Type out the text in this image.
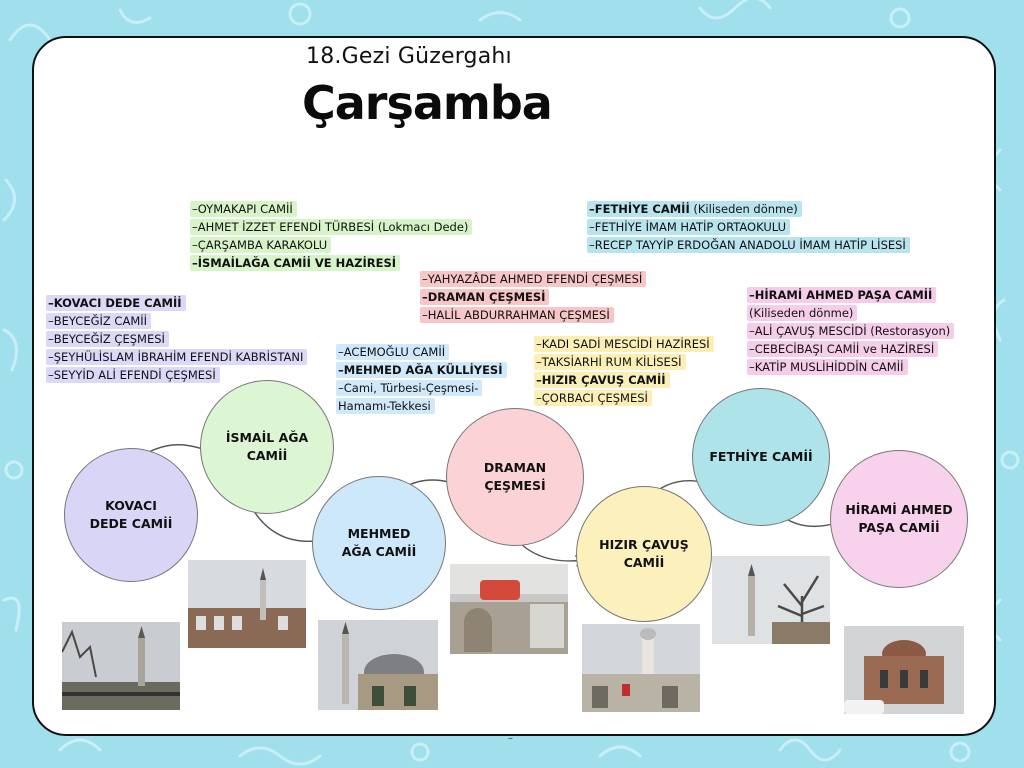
18.Gezi Güzergahı
Çarşamba
–OYMAKAPI CAMİİ
–AHMET İZZET EFENDİ TÜRBESİ (Lokmacı Dede)
–ÇARŞAMBA KARAKOLU
–İSMAİLAĞA CAMİİ VE HAZİRESİ
–FETHİYE CAMİİ (Kiliseden dönme)
–FETHİYE İMAM HATİP ORTAOKULU
–RECEP TAYYİP ERDOĞAN ANADOLU İMAM HATİP LİSESİ
–YAHYAZÂDE AHMED EFENDİ ÇEŞMESİ
–DRAMAN ÇEŞMESİ
–HALİL ABDURRAHMAN ÇEŞMESİ
–KOVACI DEDE CAMİİ
–BEYCEĞİZ CAMİİ
–BEYCEĞİZ ÇEŞMESİ
–ŞEYHÜLİSLAM İBRAHİM EFENDİ KABRİSTANI
–SEYYİD ALİ EFENDİ ÇEŞMESİ
–ACEMOĞLU CAMİİ
–MEHMED AĞA KÜLLİYESİ
–Cami, Türbesi-Çeşmesi-
Hamamı-Tekkesi
–KADI SADİ MESCİDİ HAZİRESİ
–TAKSİARHİ RUM KİLİSESİ
–HIZIR ÇAVUŞ CAMİİ
–ÇORBACI ÇEŞMESİ
–HİRAMİ AHMED PAŞA CAMİİ
(Kiliseden dönme)
–ALİ ÇAVUŞ MESCİDİ (Restorasyon)
–CEBECİBAŞI CAMİİ ve HAZİRESİ
–KATİP MUSLİHİDDİN CAMİİ
KOVACI
DEDE CAMİİ
İSMAİL AĞA
CAMİİ
MEHMED
AĞA CAMİİ
DRAMAN
ÇEŞMESİ
HIZIR ÇAVUŞ
CAMİİ
FETHİYE CAMİİ
HİRAMİ AHMED
PAŞA CAMİİ
–
